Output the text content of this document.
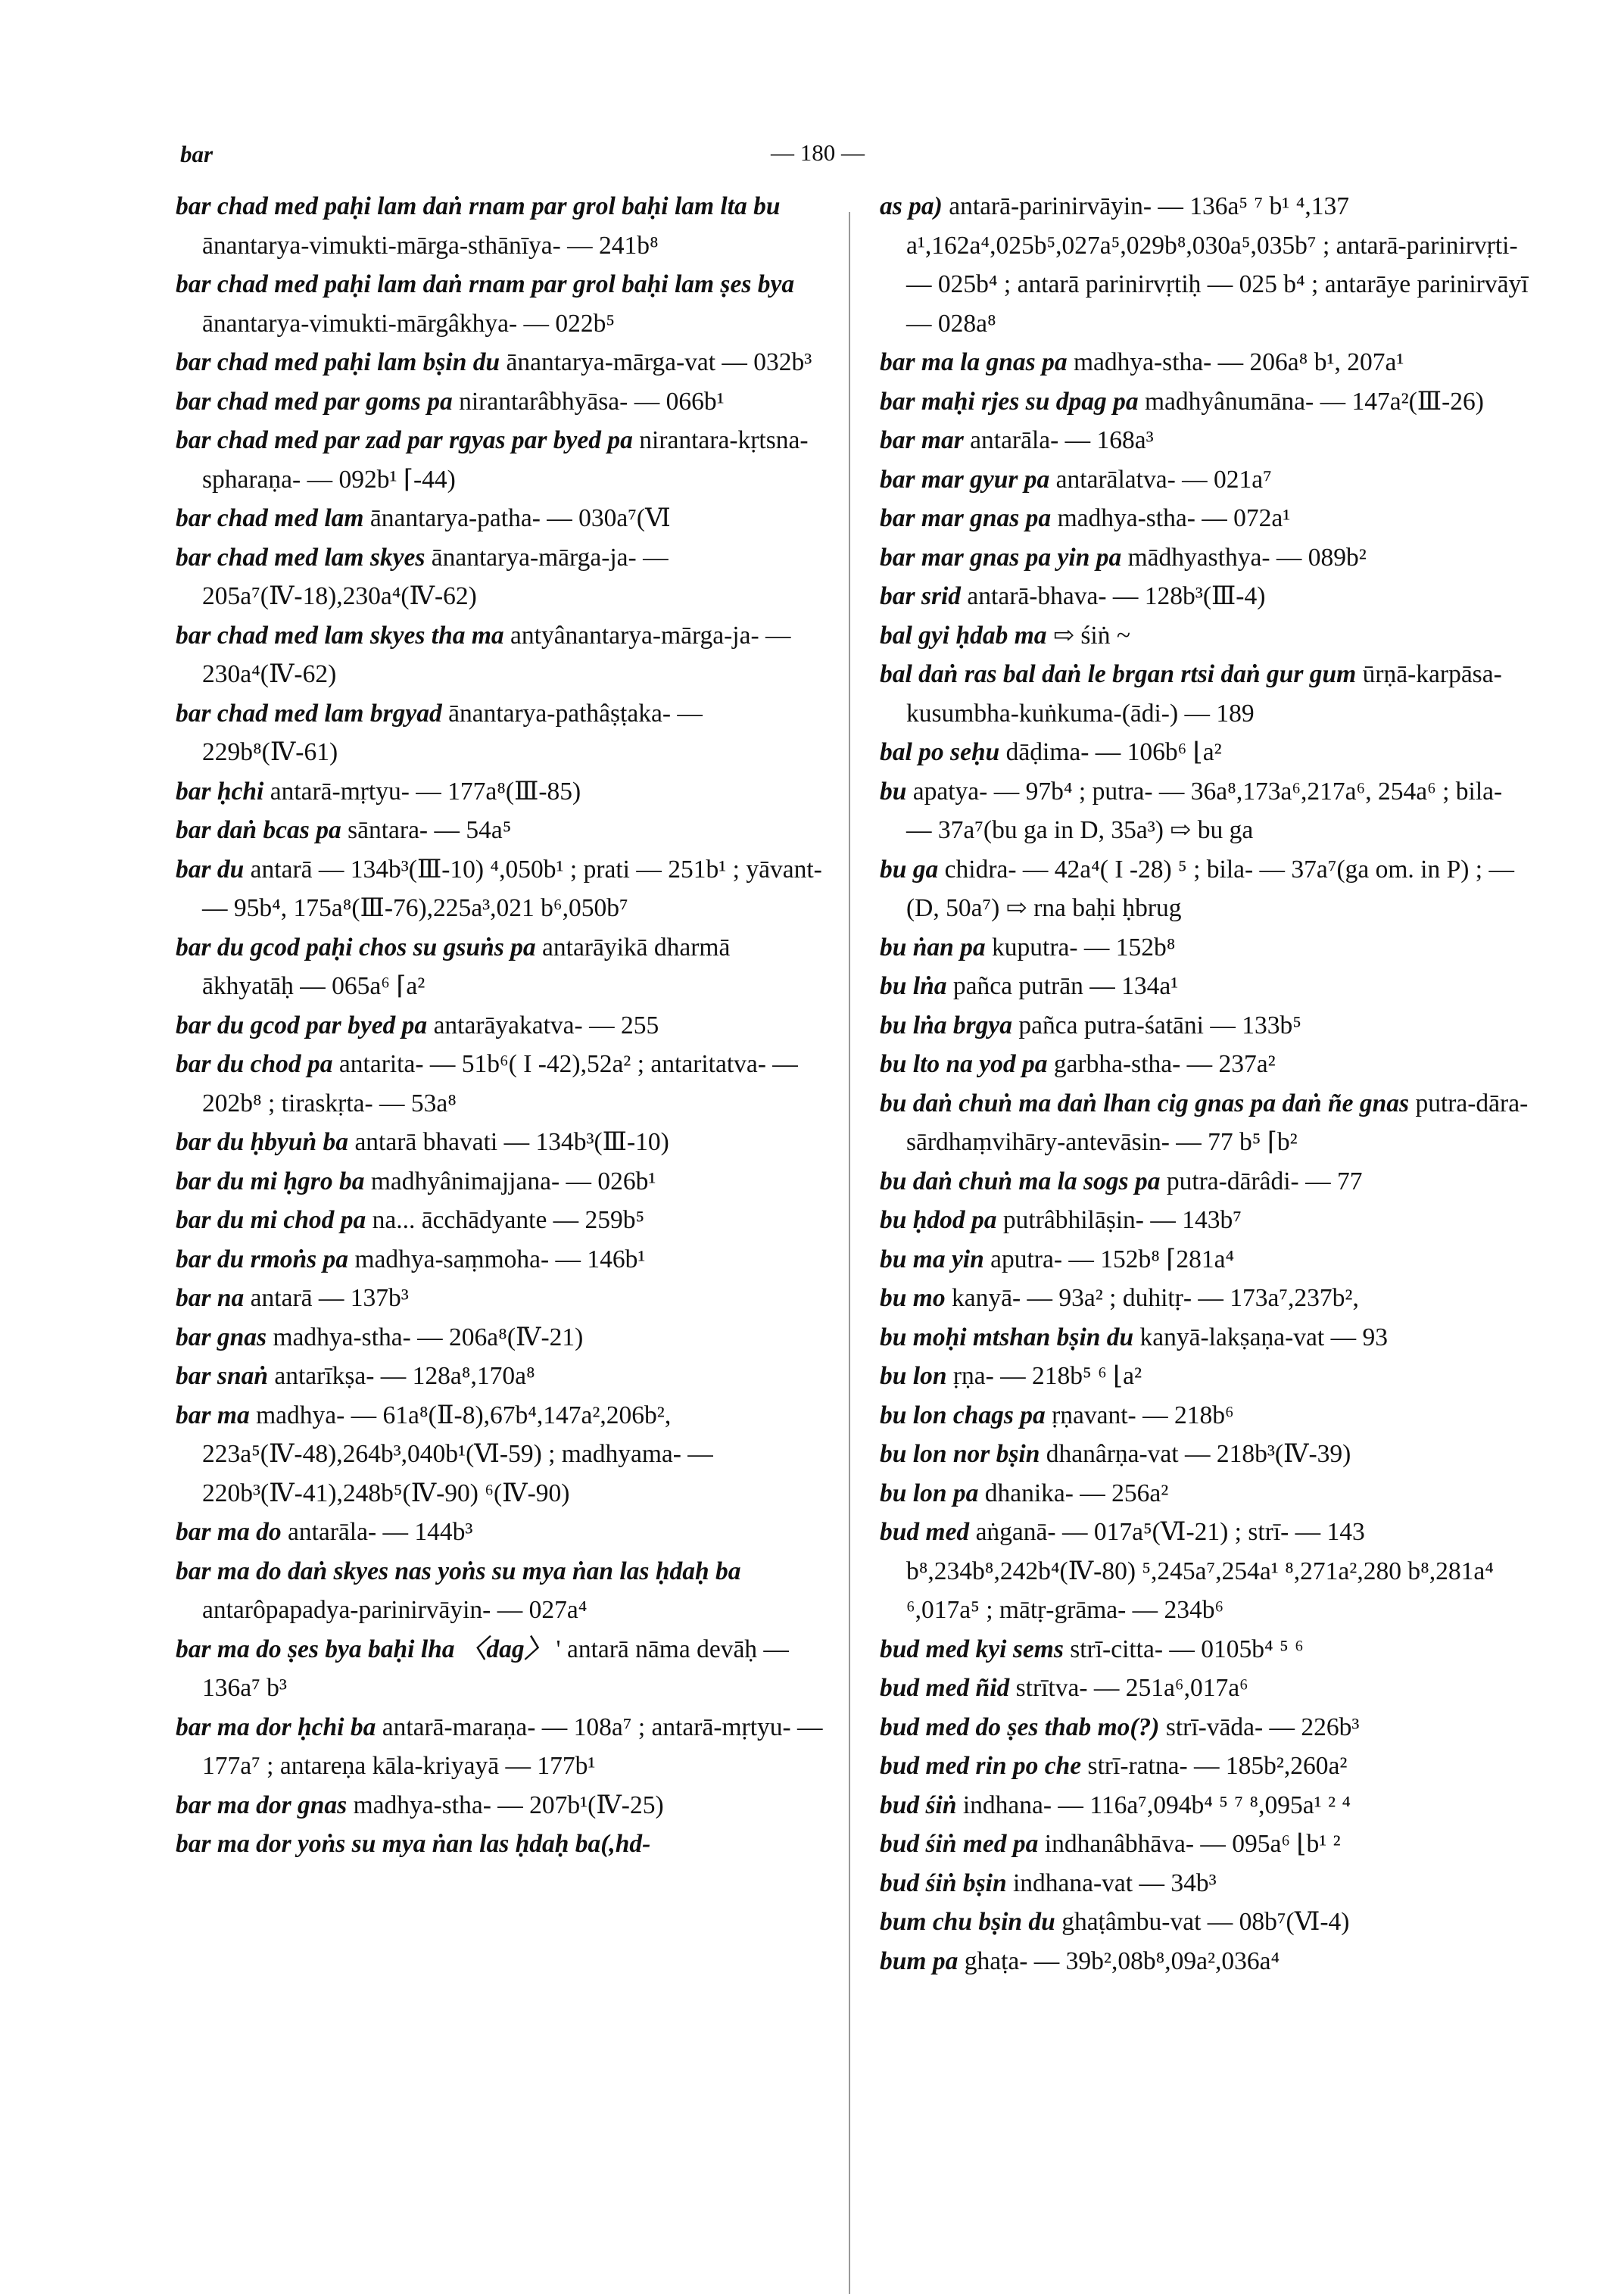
bar	— 180 —

bar chad med paḥi lam daṅ rnam par grol baḥi lam lta bu ānantarya-vimukti-mārga-sthānīya- — 241b⁸

bar chad med paḥi lam daṅ rnam par grol baḥi lam ṣes bya ānantarya-vimukti-mārgâkhya- — 022b⁵

bar chad med paḥi lam bṣin du ānantarya-mārga-vat — 032b³

bar chad med par goms pa nirantarâbhyāsa- — 066b¹

bar chad med par zad par rgyas par byed pa nirantara-kṛtsna-spharaṇa- — 092b¹ ⌈-44)

bar chad med lam ānantarya-patha- — 030a⁷(Ⅵ

bar chad med lam skyes ānantarya-mārga-ja- — 205a⁷(Ⅳ-18),230a⁴(Ⅳ-62)

bar chad med lam skyes tha ma antyânantarya-mārga-ja- — 230a⁴(Ⅳ-62)

bar chad med lam brgyad ānantarya-pathâṣṭaka- — 229b⁸(Ⅳ-61)

bar ḥchi antarā-mṛtyu- — 177a⁸(Ⅲ-85)

bar daṅ bcas pa sāntara- — 54a⁵

bar du antarā — 134b³(Ⅲ-10) ⁴,050b¹ ; prati — 251b¹ ; yāvant- — 95b⁴, 175a⁸(Ⅲ-76),225a³,021 b⁶,050b⁷

bar du gcod paḥi chos su gsuṅs pa antarāyikā dharmā ākhyatāḥ — 065a⁶ ⌈a²

bar du gcod par byed pa antarāyakatva- — 255

bar du chod pa antarita- — 51b⁶( I -42),52a² ; antaritatva- — 202b⁸ ; tiraskṛta- — 53a⁸

bar du ḥbyuṅ ba antarā bhavati — 134b³(Ⅲ-10)

bar du mi ḥgro ba madhyânimajjana- — 026b¹

bar du mi chod pa na... ācchādyante — 259b⁵

bar du rmoṅs pa madhya-saṃmoha- — 146b¹

bar na antarā — 137b³

bar gnas madhya-stha- — 206a⁸(Ⅳ-21)

bar snaṅ antarīkṣa- — 128a⁸,170a⁸

bar ma madhya- — 61a⁸(Ⅱ-8),67b⁴,147a²,206b², 223a⁵(Ⅳ-48),264b³,040b¹(Ⅵ-59) ; madhyama- — 220b³(Ⅳ-41),248b⁵(Ⅳ-90) ⁶(Ⅳ-90)

bar ma do antarāla- — 144b³

bar ma do daṅ skyes nas yoṅs su mya ṅan las ḥdaḥ ba antarôpapadya-parinirvāyin- — 027a⁴

bar ma do ṣes bya baḥi lha 〈dag〉 ' antarā nāma devāḥ — 136a⁷ b³

bar ma dor ḥchi ba antarā-maraṇa- — 108a⁷ ; antarā-mṛtyu- — 177a⁷ ; antareṇa kāla-kriyayā — 177b¹

bar ma dor gnas madhya-stha- — 207b¹(Ⅳ-25)

bar ma dor yoṅs su mya ṅan las ḥdaḥ ba(,hd-

as pa) antarā-parinirvāyin- — 136a⁵ ⁷ b¹ ⁴,137 a¹,162a⁴,025b⁵,027a⁵,029b⁸,030a⁵,035b⁷ ; antarā-parinirvṛti- — 025b⁴ ; antarā parinirvṛtiḥ — 025 b⁴ ; antarāye parinirvāyī — 028a⁸

bar ma la gnas pa madhya-stha- — 206a⁸ b¹, 207a¹

bar maḥi rjes su dpag pa madhyânumāna- — 147a²(Ⅲ-26)

bar mar antarāla- — 168a³

bar mar gyur pa antarālatva- — 021a⁷

bar mar gnas pa madhya-stha- — 072a¹

bar mar gnas pa yin pa mādhyasthya- — 089b²

bar srid antarā-bhava- — 128b³(Ⅲ-4)

bal gyi ḥdab ma ⇨ śiṅ ~

bal daṅ ras bal daṅ le brgan rtsi daṅ gur gum ūrṇā-karpāsa-kusumbha-kuṅkuma-(ādi-) — 189

bal po seḥu dāḍima- — 106b⁶ ⌊a²

bu apatya- — 97b⁴ ; putra- — 36a⁸,173a⁶,217a⁶, 254a⁶ ; bila- — 37a⁷(bu ga in D, 35a³) ⇨ bu ga

bu ga chidra- — 42a⁴( I -28) ⁵ ; bila- — 37a⁷(ga om. in P) ; — (D, 50a⁷) ⇨ rna baḥi ḥbrug

bu ṅan pa kuputra- — 152b⁸

bu lṅa pañca putrān — 134a¹

bu lṅa brgya pañca putra-śatāni — 133b⁵

bu lto na yod pa garbha-stha- — 237a²

bu daṅ chuṅ ma daṅ lhan cig gnas pa daṅ ñe gnas putra-dāra-sārdhaṃvihāry-antevāsin- — 77 b⁵ ⌈b²

bu daṅ chuṅ ma la sogs pa putra-dārâdi- — 77

bu ḥdod pa putrâbhilāṣin- — 143b⁷

bu ma yin aputra- — 152b⁸ ⌈281a⁴

bu mo kanyā- — 93a² ; duhitṛ- — 173a⁷,237b²,

bu moḥi mtshan bṣin du kanyā-lakṣaṇa-vat — 93

bu lon ṛṇa- — 218b⁵ ⁶ ⌊a²

bu lon chags pa ṛṇavant- — 218b⁶

bu lon nor bṣin dhanârṇa-vat — 218b³(Ⅳ-39)

bu lon pa dhanika- — 256a²

bud med aṅganā- — 017a⁵(Ⅵ-21) ; strī- — 143 b⁸,234b⁸,242b⁴(Ⅳ-80) ⁵,245a⁷,254a¹ ⁸,271a²,280 b⁸,281a⁴ ⁶,017a⁵ ; mātṛ-grāma- — 234b⁶

bud med kyi sems strī-citta- — 0105b⁴ ⁵ ⁶

bud med ñid strītva- — 251a⁶,017a⁶

bud med do ṣes thab mo(?) strī-vāda- — 226b³

bud med rin po che strī-ratna- — 185b²,260a²

bud śiṅ indhana- — 116a⁷,094b⁴ ⁵ ⁷ ⁸,095a¹ ² ⁴

bud śiṅ med pa indhanâbhāva- — 095a⁶ ⌊b¹ ²

bud śiṅ bṣin indhana-vat — 34b³

bum chu bṣin du ghaṭâmbu-vat — 08b⁷(Ⅵ-4)

bum pa ghaṭa- — 39b²,08b⁸,09a²,036a⁴
